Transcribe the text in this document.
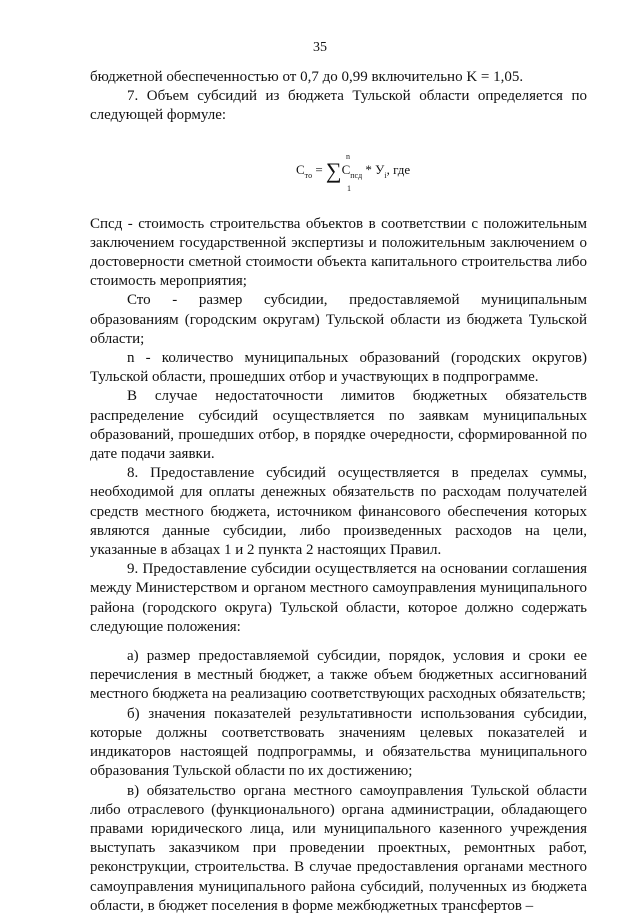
35

бюджетной обеспеченностью от 0,7 до 0,99 включительно K = 1,05.

7. Объем субсидий из бюджета Тульской области определяется по следующей формуле:

n
$С_{то} = \sum С_{псд} * У_i$, где
1

Спсд - стоимость строительства объектов в соответствии с положительным заключением государственной экспертизы и положительным заключением о достоверности сметной стоимости объекта капитального строительства либо стоимость мероприятия;

Сто - размер субсидии, предоставляемой муниципальным образованиям (городским округам) Тульской области из бюджета Тульской области;

n - количество муниципальных образований (городских округов) Тульской области, прошедших отбор и участвующих в подпрограмме.

В случае недостаточности лимитов бюджетных обязательств распределение субсидий осуществляется по заявкам муниципальных образований, прошедших отбор, в порядке очередности, сформированной по дате подачи заявки.

8. Предоставление субсидий осуществляется в пределах суммы, необходимой для оплаты денежных обязательств по расходам получателей средств местного бюджета, источником финансового обеспечения которых являются данные субсидии, либо произведенных расходов на цели, указанные в абзацах 1 и 2 пункта 2 настоящих Правил.

9. Предоставление субсидии осуществляется на основании соглашения между Министерством и органом местного самоуправления муниципального района (городского округа) Тульской области, которое должно содержать следующие положения:

а) размер предоставляемой субсидии, порядок, условия и сроки ее перечисления в местный бюджет, а также объем бюджетных ассигнований местного бюджета на реализацию соответствующих расходных обязательств;

б) значения показателей результативности использования субсидии, которые должны соответствовать значениям целевых показателей и индикаторов настоящей подпрограммы, и обязательства муниципального образования Тульской области по их достижению;

в) обязательство органа местного самоуправления Тульской области либо отраслевого (функционального) органа администрации, обладающего правами юридического лица, или муниципального казенного учреждения выступать заказчиком при проведении проектных, ремонтных работ, реконструкции, строительства. В случае предоставления органами местного самоуправления муниципального района субсидий, полученных из бюджета области, в бюджет поселения в форме межбюджетных трансфертов –
